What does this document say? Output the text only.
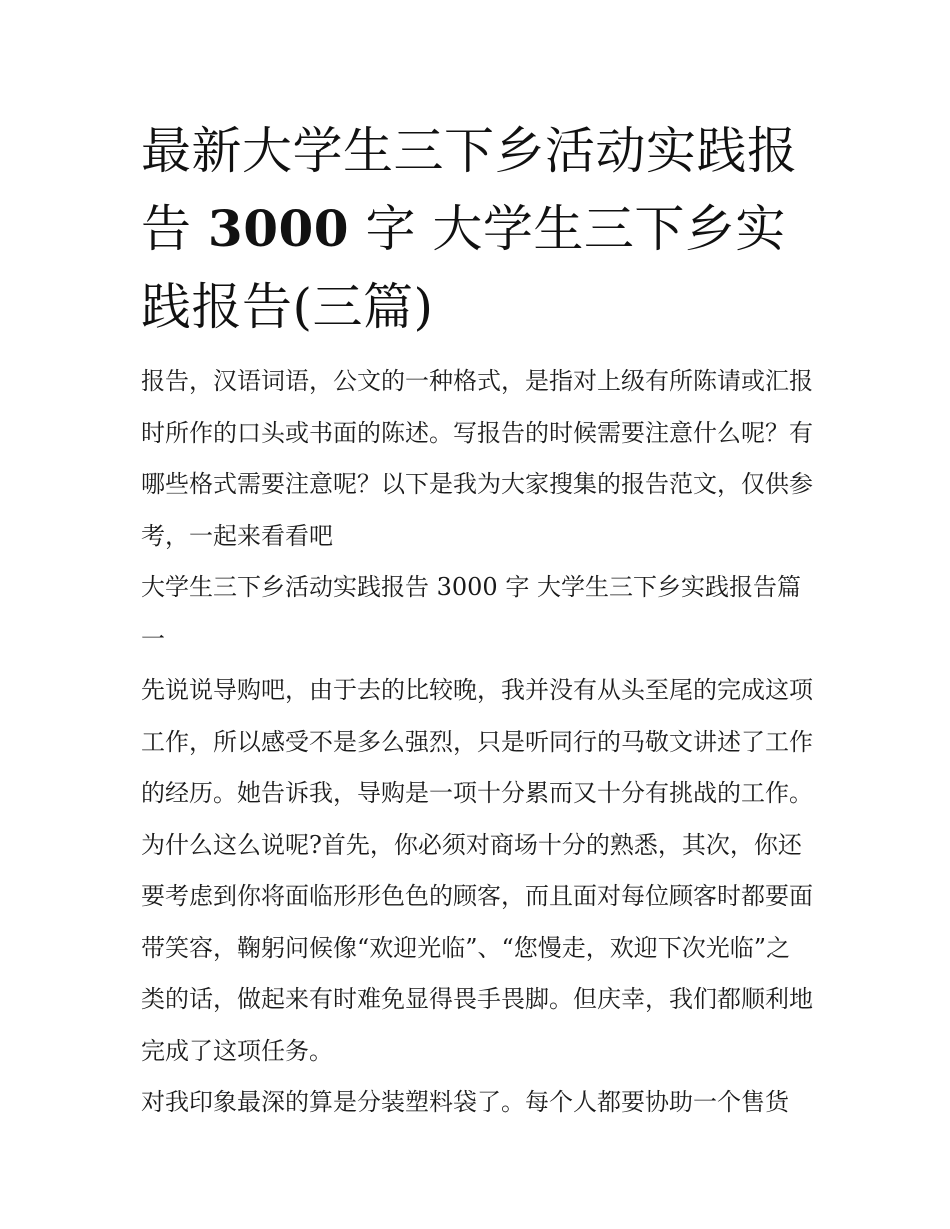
最新大学生三下乡活动实践报
告 3000 字 大学生三下乡实践报告(三篇)

报告，汉语词语，公文的一种格式，是指对上级有所陈请或汇报时所作的口头或书面的陈述。写报告的时候需要注意什么呢？有哪些格式需要注意呢？以下是我为大家搜集的报告范文，仅供参考，一起来看看吧

大学生三下乡活动实践报告 3000 字 大学生三下乡实践报告篇一

先说说导购吧，由于去的比较晚，我并没有从头至尾的完成这项工作，所以感受不是多么强烈，只是听同行的马敬文讲述了工作的经历。她告诉我，导购是一项十分累而又十分有挑战的工作。为什么这么说呢?首先，你必须对商场十分的熟悉，其次，你还要考虑到你将面临形形色色的顾客，而且面对每位顾客时都要面带笑容，鞠躬问候像“欢迎光临”、“您慢走，欢迎下次光临”之类的话，做起来有时难免显得畏手畏脚。但庆幸，我们都顺利地完成了这项任务。

对我印象最深的算是分装塑料袋了。每个人都要协助一个售货
